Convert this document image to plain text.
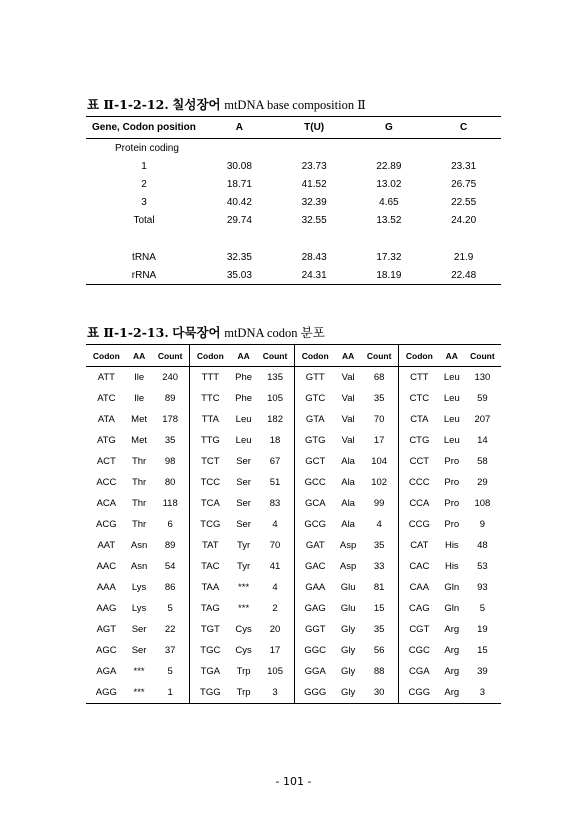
표 Ⅱ-1-2-12. 칠성장어 mtDNA base composition Ⅱ
Gene, Codon position	A	T(U)	G	C
Protein coding				
1	30.08	23.73	22.89	23.31
2	18.71	41.52	13.02	26.75
3	40.42	32.39	4.65	22.55
Total	29.74	32.55	13.52	24.20

tRNA	32.35	28.43	17.32	21.9
rRNA	35.03	24.31	18.19	22.48
표 Ⅱ-1-2-13. 다묵장어 mtDNA codon 분포
Codon	AA	Count	Codon	AA	Count	Codon	AA	Count	Codon	AA	Count
ATT	Ile	240	TTT	Phe	135	GTT	Val	68	CTT	Leu	130
ATC	Ile	89	TTC	Phe	105	GTC	Val	35	CTC	Leu	59
ATA	Met	178	TTA	Leu	182	GTA	Val	70	CTA	Leu	207
ATG	Met	35	TTG	Leu	18	GTG	Val	17	CTG	Leu	14
ACT	Thr	98	TCT	Ser	67	GCT	Ala	104	CCT	Pro	58
ACC	Thr	80	TCC	Ser	51	GCC	Ala	102	CCC	Pro	29
ACA	Thr	118	TCA	Ser	83	GCA	Ala	99	CCA	Pro	108
ACG	Thr	6	TCG	Ser	4	GCG	Ala	4	CCG	Pro	9
AAT	Asn	89	TAT	Tyr	70	GAT	Asp	35	CAT	His	48
AAC	Asn	54	TAC	Tyr	41	GAC	Asp	33	CAC	His	53
AAA	Lys	86	TAA	***	4	GAA	Glu	81	CAA	Gln	93
AAG	Lys	5	TAG	***	2	GAG	Glu	15	CAG	Gln	5
AGT	Ser	22	TGT	Cys	20	GGT	Gly	35	CGT	Arg	19
AGC	Ser	37	TGC	Cys	17	GGC	Gly	56	CGC	Arg	15
AGA	***	5	TGA	Trp	105	GGA	Gly	88	CGA	Arg	39
AGG	***	1	TGG	Trp	3	GGG	Gly	30	CGG	Arg	3
- 101 -
